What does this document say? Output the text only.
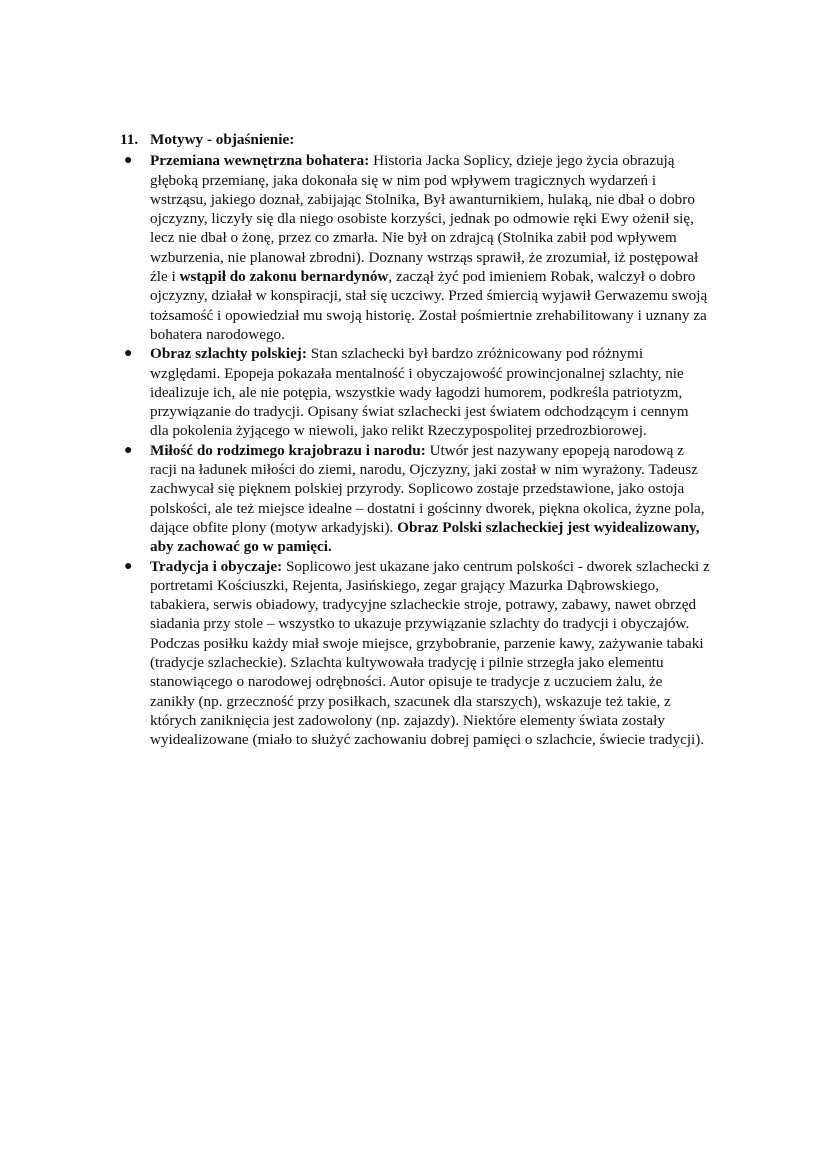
11. Motywy - objaśnienie:
● Przemiana wewnętrzna bohatera: Historia Jacka Soplicy, dzieje jego życia obrazują głęboką przemianę, jaka dokonała się w nim pod wpływem tragicznych wydarzeń i wstrząsu, jakiego doznał, zabijając Stolnika, Był awanturnikiem, hulaką, nie dbał o dobro ojczyzny, liczyły się dla niego osobiste korzyści, jednak po odmowie ręki Ewy ożenił się, lecz nie dbał o żonę, przez co zmarła. Nie był on zdrajcą (Stolnika zabił pod wpływem wzburzenia, nie planował zbrodni). Doznany wstrząs sprawił, że zrozumiał, iż postępował źle i wstąpił do zakonu bernardynów, zaczął żyć pod imieniem Robak, walczył o dobro ojczyzny, działał w konspiracji, stał się uczciwy. Przed śmiercią wyjawił Gerwazemu swoją tożsamość i opowiedział mu swoją historię. Został pośmiertnie zrehabilitowany i uznany za bohatera narodowego.
● Obraz szlachty polskiej: Stan szlachecki był bardzo zróżnicowany pod różnymi względami. Epopeja pokazała mentalność i obyczajowość prowincjonalnej szlachty, nie idealizuje ich, ale nie potępia, wszystkie wady łagodzi humorem, podkreśla patriotyzm, przywiązanie do tradycji. Opisany świat szlachecki jest światem odchodzącym i cennym dla pokolenia żyjącego w niewoli, jako relikt Rzeczypospolitej przedrozbiorowej.
● Miłość do rodzimego krajobrazu i narodu: Utwór jest nazywany epopeją narodową z racji na ładunek miłości do ziemi, narodu, Ojczyzny, jaki został w nim wyrażony. Tadeusz zachwycał się pięknem polskiej przyrody. Soplicowo zostaje przedstawione, jako ostoja polskości, ale też miejsce idealne – dostatni i gościnny dworek, piękna okolica, żyzne pola, dające obfite plony (motyw arkadyjski). Obraz Polski szlacheckiej jest wyidealizowany, aby zachować go w pamięci.
● Tradycja i obyczaje: Soplicowo jest ukazane jako centrum polskości - dworek szlachecki z portretami Kościuszki, Rejenta, Jasińskiego, zegar grający Mazurka Dąbrowskiego, tabakiera, serwis obiadowy, tradycyjne szlacheckie stroje, potrawy, zabawy, nawet obrzęd siadania przy stole – wszystko to ukazuje przywiązanie szlachty do tradycji i obyczajów. Podczas posiłku każdy miał swoje miejsce, grzybobranie, parzenie kawy, zażywanie tabaki (tradycje szlacheckie). Szlachta kultywowała tradycję i pilnie strzegła jako elementu stanowiącego o narodowej odrębności. Autor opisuje te tradycje z uczuciem żalu, że zanikły (np. grzeczność przy posiłkach, szacunek dla starszych), wskazuje też takie, z których zaniknięcia jest zadowolony (np. zajazdy). Niektóre elementy świata zostały wyidealizowane (miało to służyć zachowaniu dobrej pamięci o szlachcie, świecie tradycji).
